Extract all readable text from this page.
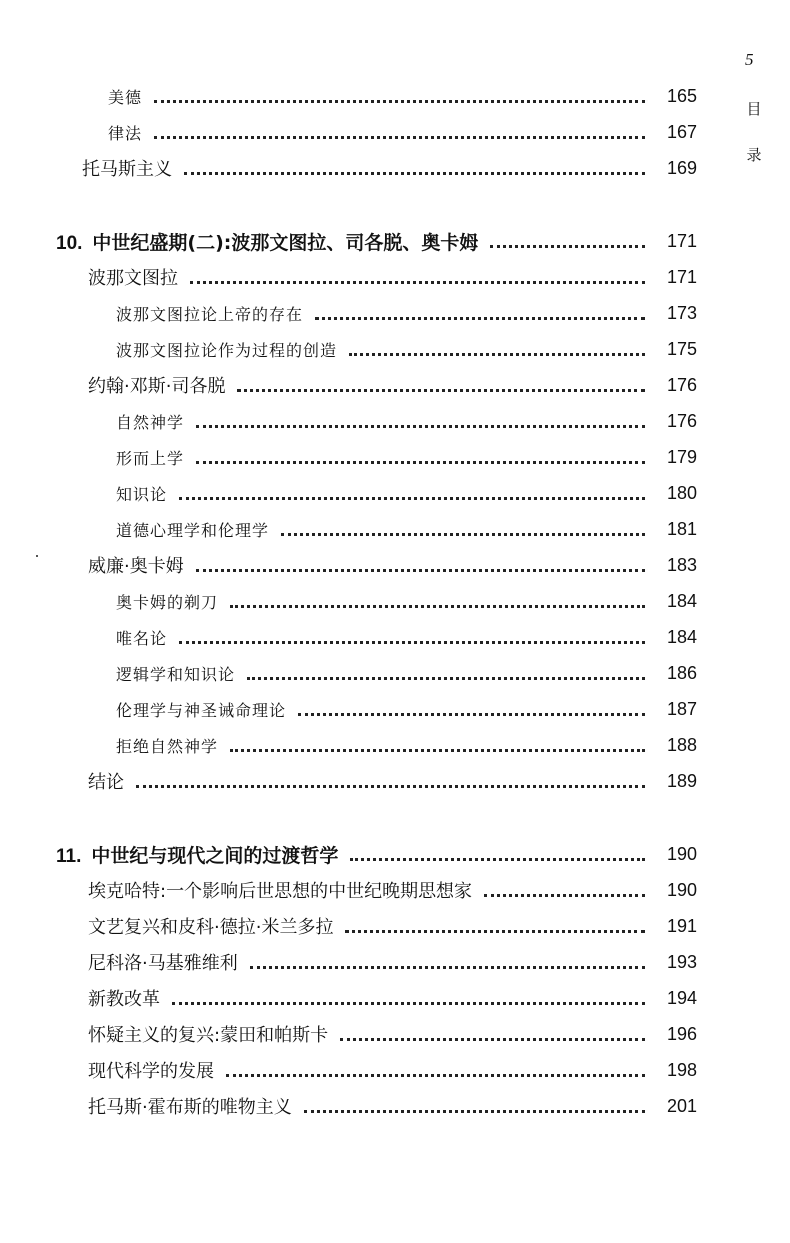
5
目
录
美德	165
律法	167
托马斯主义	169
10. 中世纪盛期(二):波那文图拉、司各脱、奥卡姆	171
波那文图拉	171
波那文图拉论上帝的存在	173
波那文图拉论作为过程的创造	175
约翰·邓斯·司各脱	176
自然神学	176
形而上学	179
知识论	180
道德心理学和伦理学	181
威廉·奥卡姆	183
奥卡姆的剃刀	184
唯名论	184
逻辑学和知识论	186
伦理学与神圣诫命理论	187
拒绝自然神学	188
结论	189
11. 中世纪与现代之间的过渡哲学	190
埃克哈特:一个影响后世思想的中世纪晚期思想家	190
文艺复兴和皮科·德拉·米兰多拉	191
尼科洛·马基雅维利	193
新教改革	194
怀疑主义的复兴:蒙田和帕斯卡	196
现代科学的发展	198
托马斯·霍布斯的唯物主义	201
